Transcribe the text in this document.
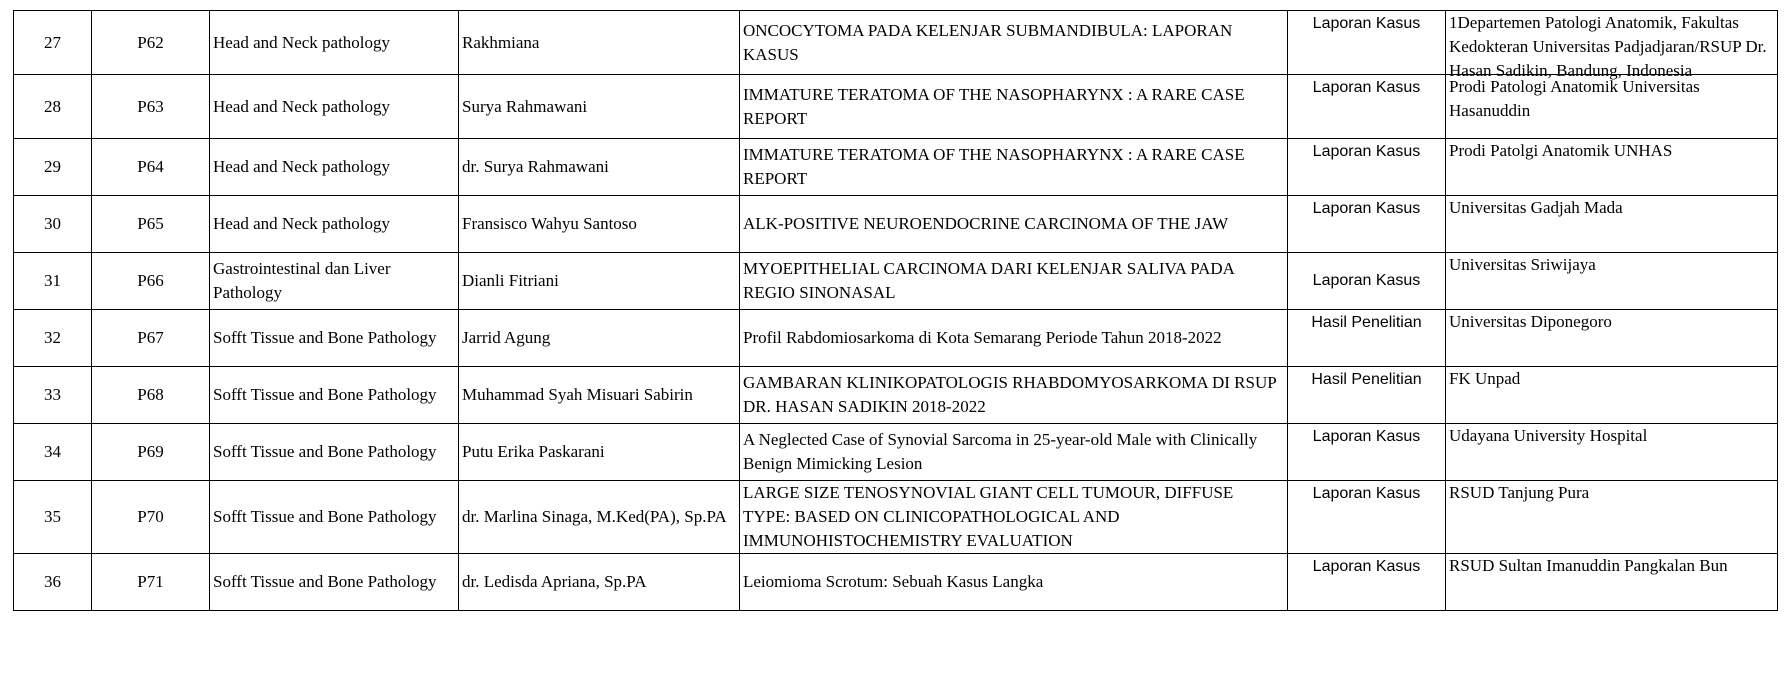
27	P62	Head and Neck pathology	Rakhmiana	ONCOCYTOMA PADA KELENJAR SUBMANDIBULA: LAPORAN KASUS	Laporan Kasus	1Departemen Patologi Anatomik, Fakultas Kedokteran Universitas Padjadjaran/RSUP Dr. Hasan Sadikin, Bandung, Indonesia

28	P63	Head and Neck pathology	Surya Rahmawani	IMMATURE TERATOMA OF THE NASOPHARYNX : A RARE CASE REPORT	Laporan Kasus	Prodi Patologi Anatomik Universitas Hasanuddin

29	P64	Head and Neck pathology	dr. Surya Rahmawani	IMMATURE TERATOMA OF THE NASOPHARYNX : A RARE CASE REPORT	Laporan Kasus	Prodi Patolgi Anatomik UNHAS

30	P65	Head and Neck pathology	Fransisco Wahyu Santoso	ALK-POSITIVE NEUROENDOCRINE CARCINOMA OF THE JAW	Laporan Kasus	Universitas Gadjah Mada

31	P66	Gastrointestinal dan Liver Pathology	Dianli Fitriani	MYOEPITHELIAL CARCINOMA DARI KELENJAR SALIVA PADA REGIO SINONASAL	Laporan Kasus	Universitas Sriwijaya

32	P67	Sofft Tissue and Bone Pathology	Jarrid Agung	Profil Rabdomiosarkoma di Kota Semarang Periode Tahun 2018-2022	Hasil Penelitian	Universitas Diponegoro

33	P68	Sofft Tissue and Bone Pathology	Muhammad Syah Misuari Sabirin	GAMBARAN KLINIKOPATOLOGIS RHABDOMYOSARKOMA DI RSUP DR. HASAN SADIKIN 2018-2022	Hasil Penelitian	FK Unpad

34	P69	Sofft Tissue and Bone Pathology	Putu Erika Paskarani	A Neglected Case of Synovial Sarcoma in 25-year-old Male with Clinically Benign Mimicking Lesion	Laporan Kasus	Udayana University Hospital

35	P70	Sofft Tissue and Bone Pathology	dr. Marlina Sinaga, M.Ked(PA), Sp.PA	LARGE SIZE TENOSYNOVIAL GIANT CELL TUMOUR, DIFFUSE TYPE: BASED ON CLINICOPATHOLOGICAL AND IMMUNOHISTOCHEMISTRY EVALUATION	Laporan Kasus	RSUD Tanjung Pura

36	P71	Sofft Tissue and Bone Pathology	dr. Ledisda Apriana, Sp.PA	Leiomioma Scrotum: Sebuah Kasus Langka	Laporan Kasus	RSUD Sultan Imanuddin Pangkalan Bun
